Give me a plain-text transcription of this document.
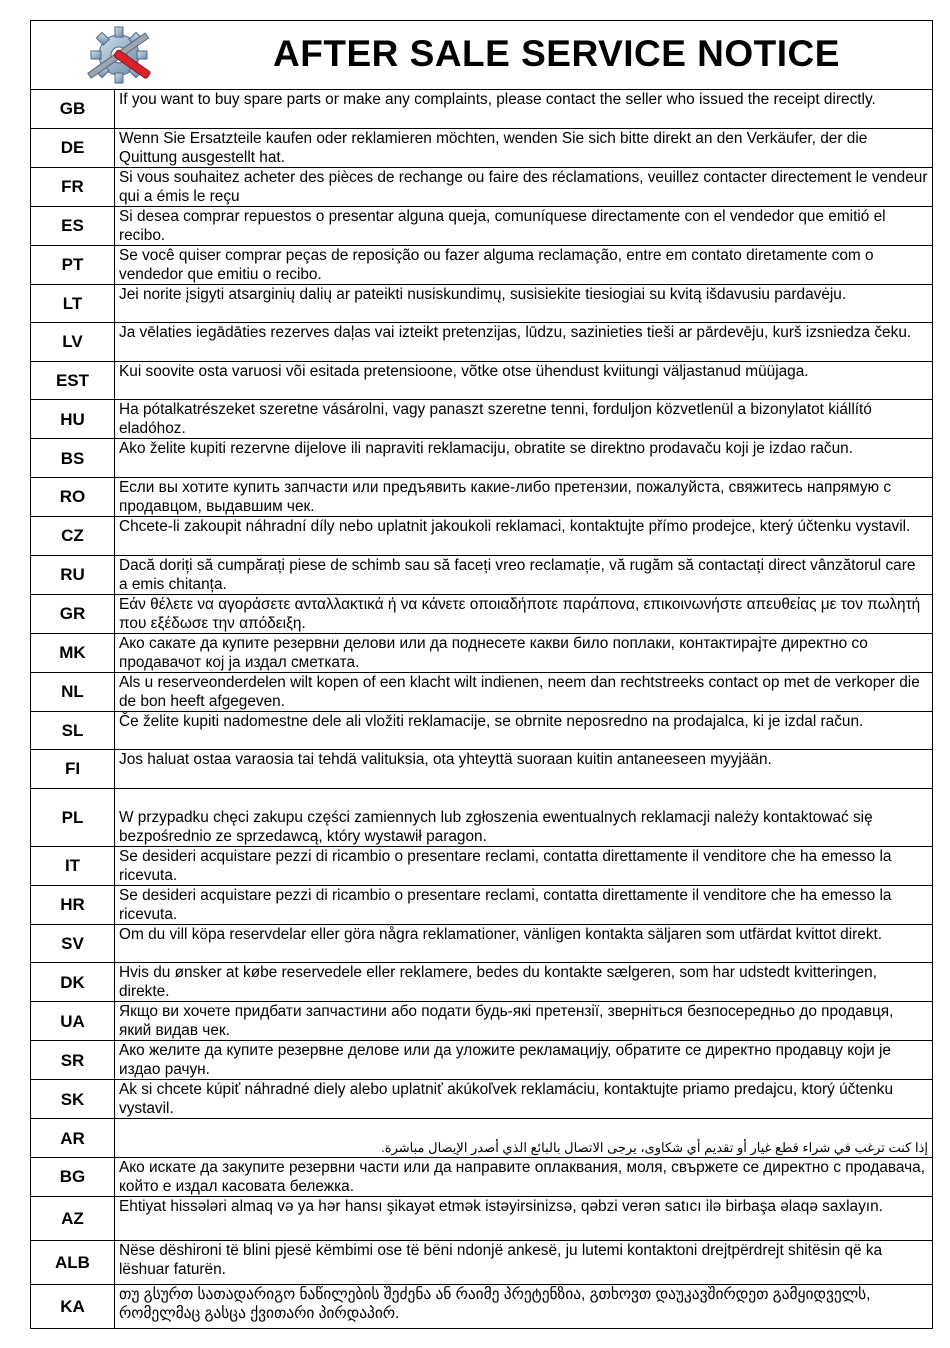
AFTER SALE SERVICE NOTICE
GB	If you want to buy spare parts or make any complaints, please contact the seller who issued the receipt directly.
DE	Wenn Sie Ersatzteile kaufen oder reklamieren möchten, wenden Sie sich bitte direkt an den Verkäufer, der die Quittung ausgestellt hat.
FR	Si vous souhaitez acheter des pièces de rechange ou faire des réclamations, veuillez contacter directement le vendeur qui a émis le reçu
ES	Si desea comprar repuestos o presentar alguna queja, comuníquese directamente con el vendedor que emitió el recibo.
PT	Se você quiser comprar peças de reposição ou fazer alguma reclamação, entre em contato diretamente com o vendedor que emitiu o recibo.
LT	Jei norite įsigyti atsarginių dalių ar pateikti nusiskundimų, susisiekite tiesiogiai su kvitą išdavusiu pardavėju.
LV	Ja vēlaties iegādāties rezerves daļas vai izteikt pretenzijas, lūdzu, sazinieties tieši ar pārdevēju, kurš izsniedza čeku.
EST	Kui soovite osta varuosi või esitada pretensioone, võtke otse ühendust kviitungi väljastanud müüjaga.
HU	Ha pótalkatrészeket szeretne vásárolni, vagy panaszt szeretne tenni, forduljon közvetlenül a bizonylatot kiállító eladóhoz.
BS	Ako želite kupiti rezervne dijelove ili napraviti reklamaciju, obratite se direktno prodavaču koji je izdao račun.
RO	Если вы хотите купить запчасти или предъявить какие-либо претензии, пожалуйста, свяжитесь напрямую с продавцом, выдавшим чек.
CZ	Chcete-li zakoupit náhradní díly nebo uplatnit jakoukoli reklamaci, kontaktujte přímo prodejce, který účtenku vystavil.
RU	Dacă doriți să cumpărați piese de schimb sau să faceți vreo reclamație, vă rugăm să contactați direct vânzătorul care a emis chitanța.
GR	Εάν θέλετε να αγοράσετε ανταλλακτικά ή να κάνετε οποιαδήποτε παράπονα, επικοινωνήστε απευθείας με τον πωλητή που εξέδωσε την απόδειξη.
MK	Ако сакате да купите резервни делови или да поднесете какви било поплаки, контактирајте директно со продавачот кој ја издал сметката.
NL	Als u reserveonderdelen wilt kopen of een klacht wilt indienen, neem dan rechtstreeks contact op met de verkoper die de bon heeft afgegeven.
SL	Če želite kupiti nadomestne dele ali vložiti reklamacije, se obrnite neposredno na prodajalca, ki je izdal račun.
FI	Jos haluat ostaa varaosia tai tehdä valituksia, ota yhteyttä suoraan kuitin antaneeseen myyjään.
PL	W przypadku chęci zakupu części zamiennych lub zgłoszenia ewentualnych reklamacji należy kontaktować się bezpośrednio ze sprzedawcą, który wystawił paragon.
IT	Se desideri acquistare pezzi di ricambio o presentare reclami, contatta direttamente il venditore che ha emesso la ricevuta.
HR	Se desideri acquistare pezzi di ricambio o presentare reclami, contatta direttamente il venditore che ha emesso la ricevuta.
SV	Om du vill köpa reservdelar eller göra några reklamationer, vänligen kontakta säljaren som utfärdat kvittot direkt.
DK	Hvis du ønsker at købe reservedele eller reklamere, bedes du kontakte sælgeren, som har udstedt kvitteringen, direkte.
UA	Якщо ви хочете придбати запчастини або подати будь-які претензії, зверніться безпосередньо до продавця, який видав чек.
SR	Ако желите да купите резервне делове или да уложите рекламацију, обратите се директно продавцу који је издао рачун.
SK	Ak si chcete kúpiť náhradné diely alebo uplatniť akúkoľvek reklamáciu, kontaktujte priamo predajcu, ktorý účtenku vystavil.
AR	إذا كنت ترغب في شراء قطع غيار أو تقديم أي شكاوى، يرجى الاتصال بالبائع الذي أصدر الإيصال مباشرة.
BG	Ако искате да закупите резервни части или да направите оплаквания, моля, свържете се директно с продавача, който е издал касовата бележка.
AZ	Ehtiyat hissələri almaq və ya hər hansı şikayət etmək istəyirsinizsə, qəbzi verən satıcı ilə birbaşa əlaqə saxlayın.
ALB	Nëse dëshironi të blini pjesë këmbimi ose të bëni ndonjë ankesë, ju lutemi kontaktoni drejtpërdrejt shitësin që ka lëshuar faturën.
KA	თუ გსურთ სათადარიგო ნაწილების შეძენა ან რაიმე პრეტენზია, გთხოვთ დაუკავშირდეთ გამყიდველს, რომელმაც გასცა ქვითარი პირდაპირ.
